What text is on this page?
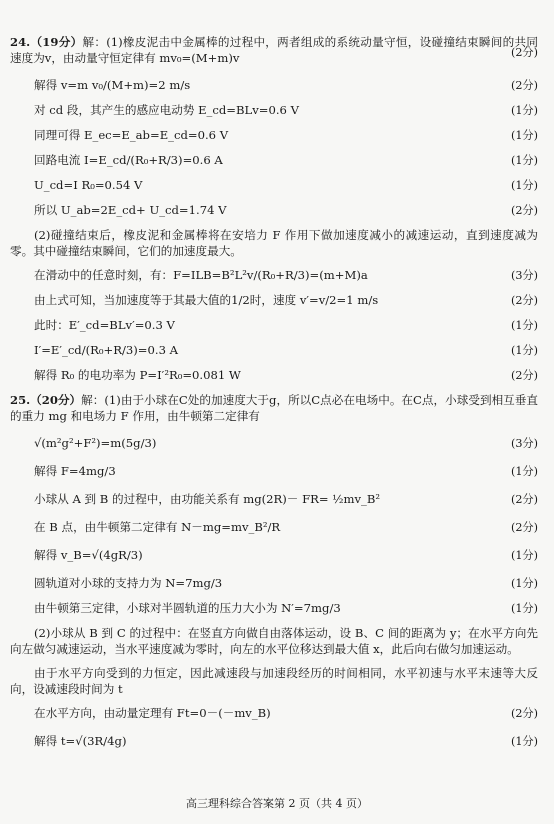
24.（19分）解：(1)橡皮泥击中金属棒的过程中，两者组成的系统动量守恒，设碰撞结束瞬间的共同速度为v，由动量守恒定律有 mv₀=(M+m)v	(2分)
解得 v=m v₀/(M+m)=2 m/s	(2分)
对 cd 段，其产生的感应电动势 E_cd=BLv=0.6 V	(1分)
同理可得 E_ec=E_ab=E_cd=0.6 V	(1分)
回路电流 I=E_cd/(R₀+R/3)=0.6 A	(1分)
U_cd=I R₀=0.54 V	(1分)
所以 U_ab=2E_cd+ U_cd=1.74 V	(2分)

(2)碰撞结束后，橡皮泥和金属棒将在安培力 F 作用下做加速度减小的减速运动，直到速度减为零。其中碰撞结束瞬间，它们的加速度最大。

在滑动中的任意时刻，有：F=ILB=B²L²v/(R₀+R/3)=(m+M)a	(3分)
由上式可知，当加速度等于其最大值的1/2时，速度 v′=v/2=1 m/s	(2分)
此时：E′_cd=BLv′=0.3 V	(1分)
I′=E′_cd/(R₀+R/3)=0.3 A	(1分)
解得 R₀ 的电功率为 P=I′²R₀=0.081 W	(2分)

25.（20分）解：(1)由于小球在C处的加速度大于g，所以C点必在电场中。在C点，小球受到相互垂直的重力 mg 和电场力 F 作用，由牛顿第二定律有

√(m²g²+F²)=m(5g/3)	(3分)
解得 F=4mg/3	(1分)
小球从 A 到 B 的过程中，由功能关系有 mg(2R)－ FR= ½mv_B²	(2分)
在 B 点，由牛顿第二定律有 N－mg=mv_B²/R	(2分)
解得 v_B=√(4gR/3)	(1分)
圆轨道对小球的支持力为 N=7mg/3	(1分)
由牛顿第三定律，小球对半圆轨道的压力大小为 N′=7mg/3	(1分)

(2)小球从 B 到 C 的过程中：在竖直方向做自由落体运动，设 B、C 间的距离为 y；在水平方向先向左做匀减速运动，当水平速度减为零时，向左的水平位移达到最大值 x，此后向右做匀加速运动。

由于水平方向受到的力恒定，因此减速段与加速段经历的时间相同，水平初速与水平末速等大反向，设减速段时间为 t

在水平方向，由动量定理有 Ft=0－(－mv_B)	(2分)
解得 t=√(3R/4g)	(1分)
高三理科综合答案第 2 页（共 4 页）
